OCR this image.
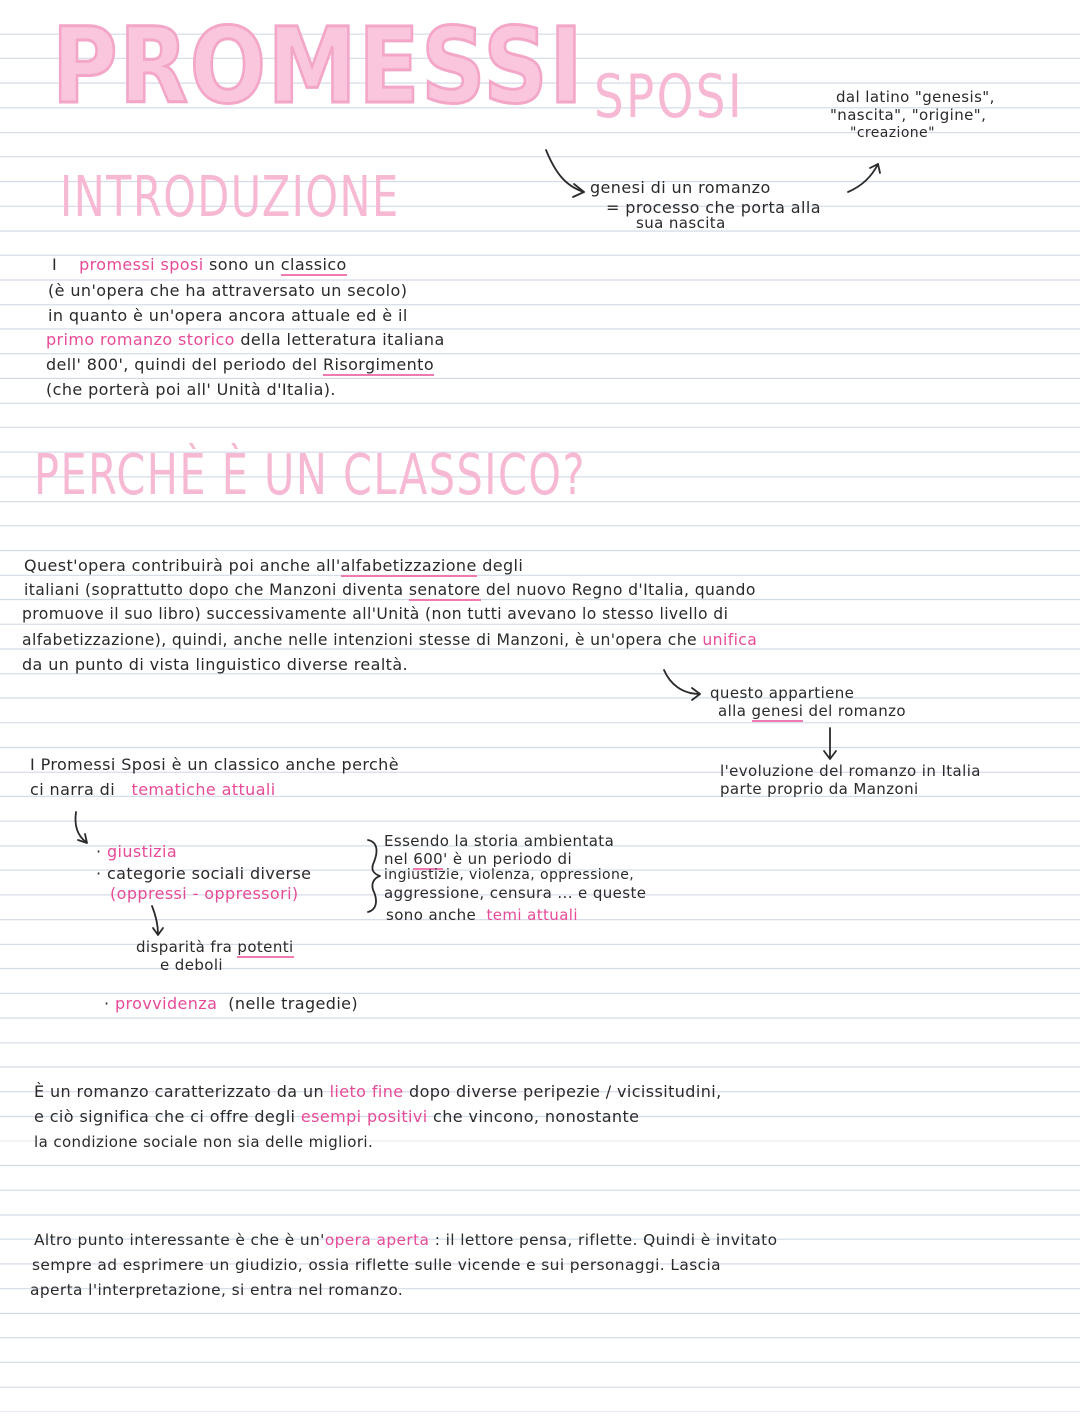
PROMESSI SPOSI	dal latino "genesis",
"nascita", "origine",
"creazione"
genesi di un romanzo
= processo che porta alla
sua nascita
INTRODUZIONE
I promessi sposi sono un classico
(è un'opera che ha attraversato un secolo)
in quanto è un'opera ancora attuale ed è il
primo romanzo storico della letteratura italiana
dell' 800', quindi del periodo del Risorgimento
(che porterà poi all' Unità d'Italia).
PERCHÈ È UN CLASSICO?
Quest'opera contribuirà poi anche all'alfabetizzazione degli
italiani (soprattutto dopo che Manzoni diventa senatore del nuovo Regno d'Italia, quando
promuove il suo libro) successivamente all'Unità (non tutti avevano lo stesso livello di
alfabetizzazione), quindi, anche nelle intenzioni stesse di Manzoni, è un'opera che unifica
da un punto di vista linguistico diverse realtà.
questo appartiene
alla genesi del romanzo
l'evoluzione del romanzo in Italia
parte proprio da Manzoni
I Promessi Sposi è un classico anche perchè
ci narra di tematiche attuali
· giustizia
· categorie sociali diverse
(oppressi - oppressori)
disparità fra potenti
e deboli
· provvidenza (nelle tragedie)
Essendo la storia ambientata
nel 600' è un periodo di
ingiustizie, violenza, oppressione,
aggressione, censura ... e queste
sono anche temi attuali
È un romanzo caratterizzato da un lieto fine dopo diverse peripezie / vicissitudini,
e ciò significa che ci offre degli esempi positivi che vincono, nonostante
la condizione sociale non sia delle migliori.
Altro punto interessante è che è un'opera aperta : il lettore pensa, riflette. Quindi è invitato
sempre ad esprimere un giudizio, ossia riflette sulle vicende e sui personaggi. Lascia
aperta l'interpretazione, si entra nel romanzo.
